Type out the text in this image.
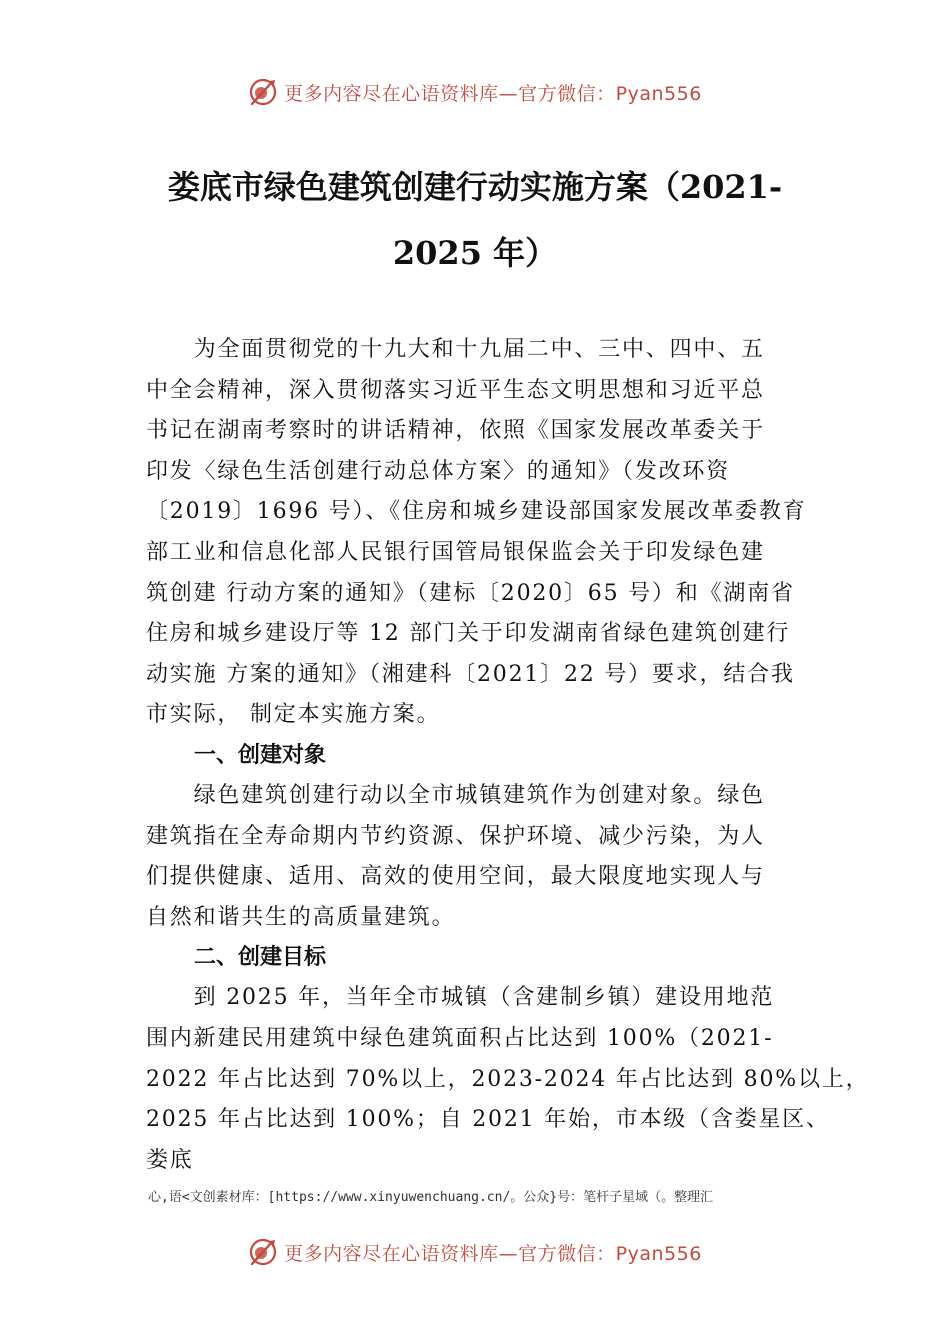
更多内容尽在心语资料库—官方微信：Pyan556
娄底市绿色建筑创建行动实施方案（2021-
2025 年）

　　为全面贯彻党的十九大和十九届二中、三中、四中、五

中全会精神，深入贯彻落实习近平生态文明思想和习近平总

书记在湖南考察时的讲话精神，依照《国家发展改革委关于

印发〈绿色生活创建行动总体方案〉的通知》（发改环资

〔2019〕1696 号）、《住房和城乡建设部国家发展改革委教育

部工业和信息化部人民银行国管局银保监会关于印发绿色建

筑创建 行动方案的通知》（建标〔2020〕65 号）和《湖南省

住房和城乡建设厅等 12 部门关于印发湖南省绿色建筑创建行

动实施 方案的通知》（湘建科〔2021〕22 号）要求，结合我

市实际， 制定本实施方案。

一、创建对象

　　绿色建筑创建行动以全市城镇建筑作为创建对象。绿色

建筑指在全寿命期内节约资源、保护环境、减少污染，为人

们提供健康、适用、高效的使用空间，最大限度地实现人与

自然和谐共生的高质量建筑。

二、创建目标

　　到 2025 年，当年全市城镇（含建制乡镇）建设用地范

围内新建民用建筑中绿色建筑面积占比达到 100%（2021-

2022 年占比达到 70%以上，2023-2024 年占比达到 80%以上，

2025 年占比达到 100%；自 2021 年始，市本级（含娄星区、

娄底

心,语<文创素材库：[https://www.xinyuwenchuang.cn/。公众}号：笔杆子星域（。整理汇
更多内容尽在心语资料库—官方微信：Pyan556
